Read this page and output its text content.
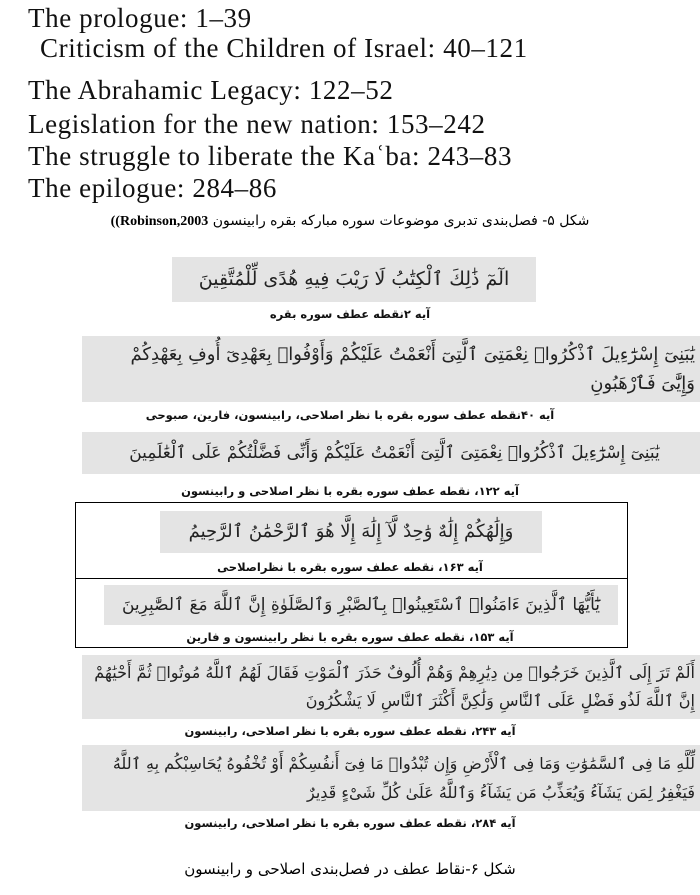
The prologue: 1–39
Criticism of the Children of Israel: 40–121
The Abrahamic Legacy: 122–52
Legislation for the new nation: 153–242
The struggle to liberate the Kaʿba: 243–83
The epilogue: 284–86
شکل ۵- فصل‌بندی تدبری موضوعات سوره مبارکه بقره رابینسون ((Robinson,2003
الٓمٓ ذَٰلِكَ ٱلْكِتَٰبُ لَا رَيْبَ فِيهِ هُدًى لِّلْمُتَّقِينَ
آیه ۲نقطه عطف سوره بقره
يَٰبَنِىٓ إِسْرَٰٓءِيلَ ٱذْكُرُوا۟ نِعْمَتِىَ ٱلَّتِىٓ أَنْعَمْتُ عَلَيْكُمْ وَأَوْفُوا۟ بِعَهْدِىٓ أُوفِ بِعَهْدِكُمْ وَإِيَّٰىَ فَٱرْهَبُونِ
آیه ۴۰نقطه عطف سوره بقره با نظر اصلاحی، رابینسون، فارین، صبوحی
يَٰبَنِىٓ إِسْرَٰٓءِيلَ ٱذْكُرُوا۟ نِعْمَتِىَ ٱلَّتِىٓ أَنْعَمْتُ عَلَيْكُمْ وَأَنِّى فَضَّلْتُكُمْ عَلَى ٱلْعَٰلَمِينَ
آیه ۱۲۲، نقطه عطف سوره بقره با نظر اصلاحی و رابینسون
وَإِلَٰهُكُمْ إِلَٰهٌ وَٰحِدٌ لَّآ إِلَٰهَ إِلَّا هُوَ ٱلرَّحْمَٰنُ ٱلرَّحِيمُ
آیه ۱۶۳، نقطه عطف سوره بقره با نظراصلاحی
يَٰٓأَيُّهَا ٱلَّذِينَ ءَامَنُوا۟ ٱسْتَعِينُوا۟ بِٱلصَّبْرِ وَٱلصَّلَوٰةِ إِنَّ ٱللَّهَ مَعَ ٱلصَّٰبِرِينَ
آیه ۱۵۳، نقطه عطف سوره بقره با نظر رابینسون و فارین
أَلَمْ تَرَ إِلَى ٱلَّذِينَ خَرَجُوا۟ مِن دِيَٰرِهِمْ وَهُمْ أُلُوفٌ حَذَرَ ٱلْمَوْتِ فَقَالَ لَهُمُ ٱللَّهُ مُوتُوا۟ ثُمَّ أَحْيَٰهُمْ إِنَّ ٱللَّهَ لَذُو فَضْلٍ عَلَى ٱلنَّاسِ وَلَٰكِنَّ أَكْثَرَ ٱلنَّاسِ لَا يَشْكُرُونَ
آیه ۲۴۳، نقطه عطف سوره بقره با نظر اصلاحی، رابینسون
لِّلَّهِ مَا فِى ٱلسَّمَٰوَٰتِ وَمَا فِى ٱلْأَرْضِ وَإِن تُبْدُوا۟ مَا فِىٓ أَنفُسِكُمْ أَوْ تُخْفُوهُ يُحَاسِبْكُم بِهِ ٱللَّهُ فَيَغْفِرُ لِمَن يَشَآءُ وَيُعَذِّبُ مَن يَشَآءُ وَٱللَّهُ عَلَىٰ كُلِّ شَىْءٍ قَدِيرٌ
آیه ۲۸۴، نقطه عطف سوره بقره با نظر اصلاحی، رابینسون
شکل ۶-نقاط عطف در فصل‌بندی اصلاحی و رابینسون
